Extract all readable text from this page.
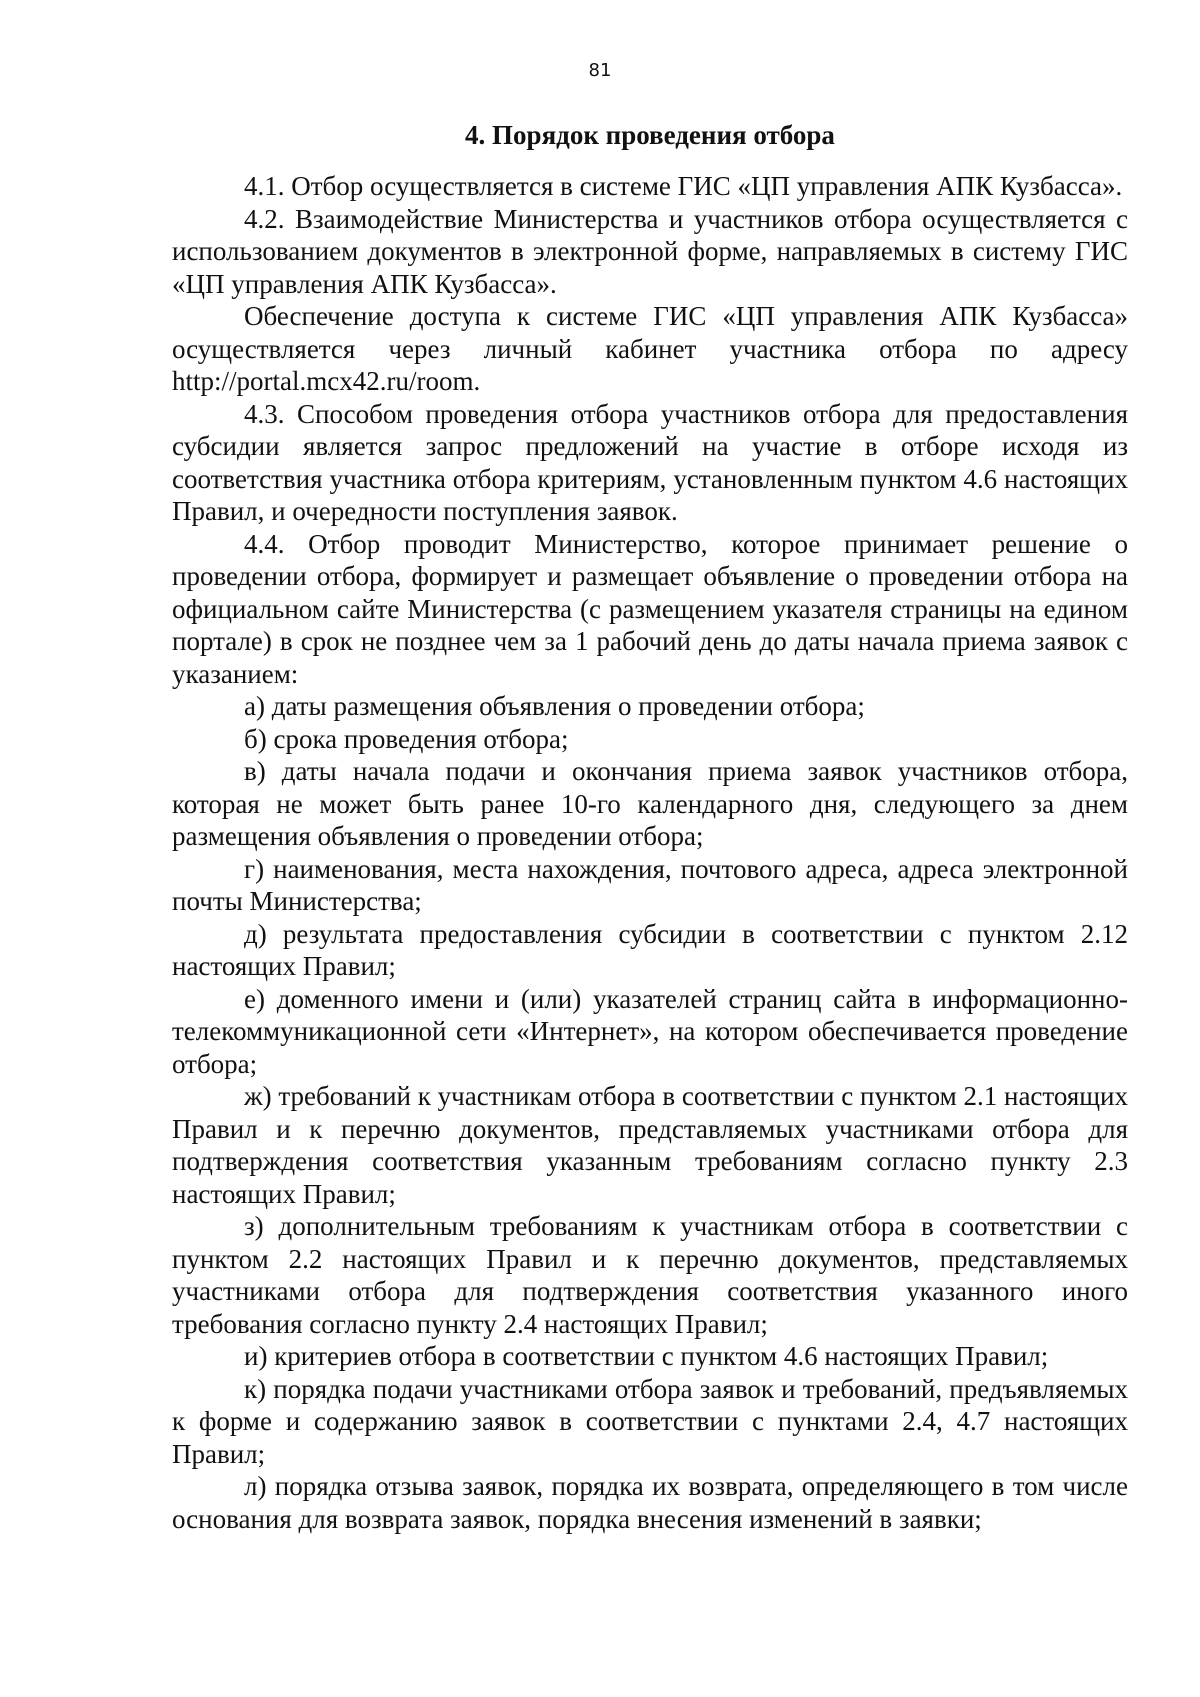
81
4. Порядок проведения отбора

4.1. Отбор осуществляется в системе ГИС «ЦП управления АПК Кузбасса».

4.2. Взаимодействие Министерства и участников отбора осуществляется с использованием документов в электронной форме, направляемых в систему ГИС «ЦП управления АПК Кузбасса».

Обеспечение доступа к системе ГИС «ЦП управления АПК Кузбасса» осуществляется через личный кабинет участника отбора по адресу http://portal.mcx42.ru/room.

4.3. Способом проведения отбора участников отбора для предоставления субсидии является запрос предложений на участие в отборе исходя из соответствия участника отбора критериям, установленным пунктом 4.6 настоящих Правил, и очередности поступления заявок.

4.4. Отбор проводит Министерство, которое принимает решение о проведении отбора, формирует и размещает объявление о проведении отбора на официальном сайте Министерства (с размещением указателя страницы на едином портале) в срок не позднее чем за 1 рабочий день до даты начала приема заявок с указанием:

а) даты размещения объявления о проведении отбора;

б) срока проведения отбора;

в) даты начала подачи и окончания приема заявок участников отбора, которая не может быть ранее 10-го календарного дня, следующего за днем размещения объявления о проведении отбора;

г) наименования, места нахождения, почтового адреса, адреса электронной почты Министерства;

д) результата предоставления субсидии в соответствии с пунктом 2.12 настоящих Правил;

е) доменного имени и (или) указателей страниц сайта в информационно-телекоммуникационной сети «Интернет», на котором обеспечивается проведение отбора;

ж) требований к участникам отбора в соответствии с пунктом 2.1 настоящих Правил и к перечню документов, представляемых участниками отбора для подтверждения соответствия указанным требованиям согласно пункту 2.3 настоящих Правил;

з) дополнительным требованиям к участникам отбора в соответствии с пунктом 2.2 настоящих Правил и к перечню документов, представляемых участниками отбора для подтверждения соответствия указанного иного требования согласно пункту 2.4 настоящих Правил;

и) критериев отбора в соответствии с пунктом 4.6 настоящих Правил;

к) порядка подачи участниками отбора заявок и требований, предъявляемых к форме и содержанию заявок в соответствии с пунктами 2.4, 4.7 настоящих Правил;

л) порядка отзыва заявок, порядка их возврата, определяющего в том числе основания для возврата заявок, порядка внесения изменений в заявки;
